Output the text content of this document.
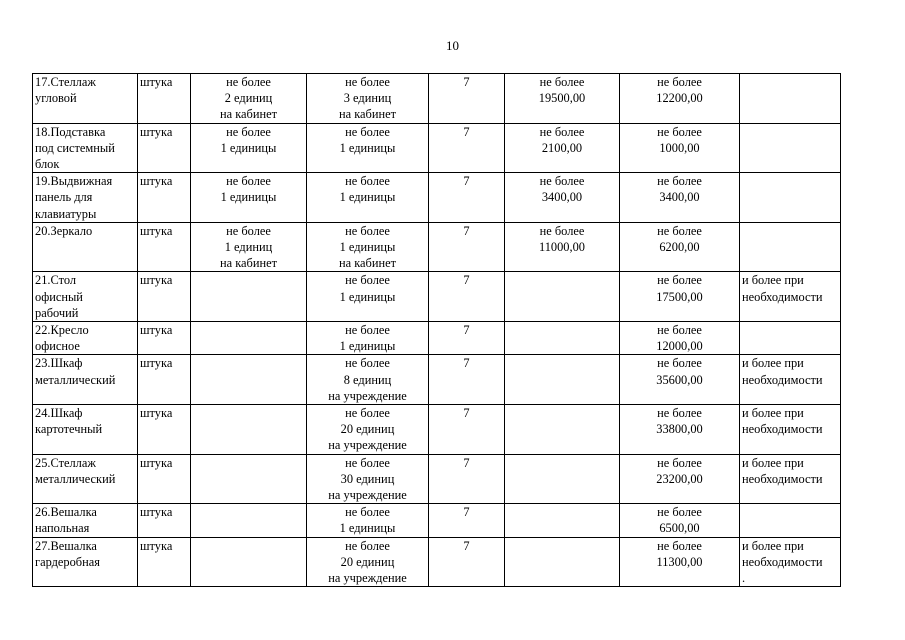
10
17.Стеллаж
угловой	штука	не более
2 единиц
на кабинет	не более
3 единиц
на кабинет	7	не более
19500,00	не более
12200,00	
18.Подставка
под системный
блок	штука	не более
1 единицы	не более
1 единицы	7	не более
2100,00	не более
1000,00	
19.Выдвижная
панель для
клавиатуры	штука	не более
1 единицы	не более
1 единицы	7	не более
3400,00	не более
3400,00	
20.Зеркало	штука	не более
1 единиц
на кабинет	не более
1 единицы
на кабинет	7	не более
11000,00	не более
6200,00	
21.Стол
офисный
рабочий	штука		не более
1 единицы	7		не более
17500,00	и более при
необходимости
22.Кресло
офисное	штука		не более
1 единицы	7		не более
12000,00	
23.Шкаф
металлический	штука		не более
8 единиц
на учреждение	7		не более
35600,00	и более при
необходимости
24.Шкаф
картотечный	штука		не более
20 единиц
на учреждение	7		не более
33800,00	и более при
необходимости
25.Стеллаж
металлический	штука		не более
30 единиц
на учреждение	7		не более
23200,00	и более при
необходимости
26.Вешалка
напольная	штука		не более
1 единицы	7		не более
6500,00	
27.Вешалка
гардеробная	штука		не более
20 единиц
на учреждение	7		не более
11300,00	и более при
необходимости
.
